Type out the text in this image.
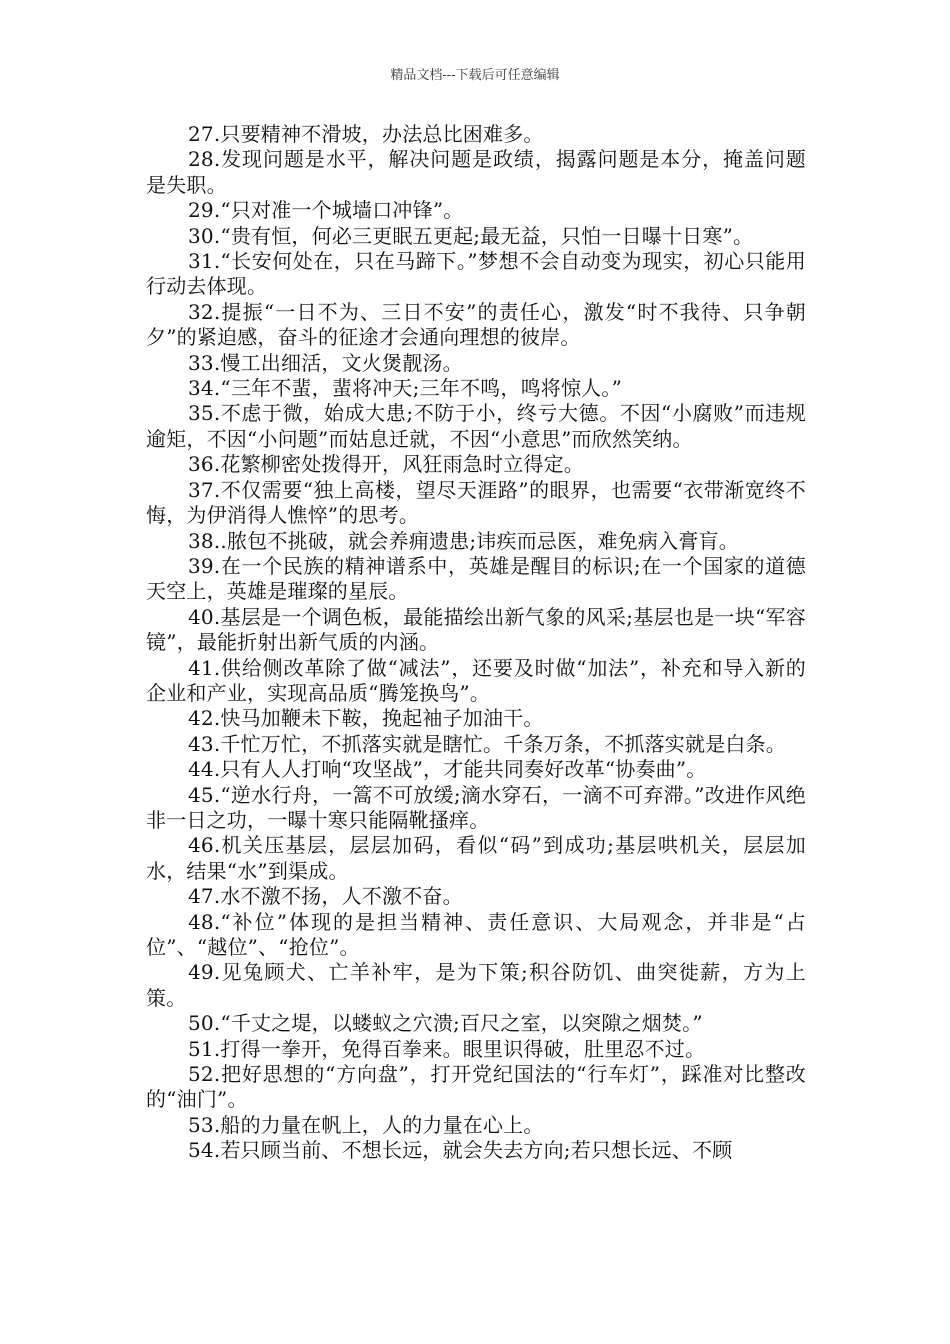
精品文档---下载后可任意编辑

27.只要精神不滑坡，办法总比困难多。

28.发现问题是水平，解决问题是政绩，揭露问题是本分，掩盖问题是失职。

29.“只对准一个城墙口冲锋”。

30.“贵有恒，何必三更眠五更起;最无益，只怕一日曝十日寒”。

31.“长安何处在，只在马蹄下。”梦想不会自动变为现实，初心只能用行动去体现。

32.提振“一日不为、三日不安”的责任心，激发“时不我待、只争朝夕”的紧迫感，奋斗的征途才会通向理想的彼岸。

33.慢工出细活，文火煲靓汤。

34.“三年不蜚，蜚将冲天;三年不鸣，鸣将惊人。”

35.不虑于微，始成大患;不防于小，终亏大德。不因“小腐败”而违规逾矩，不因“小问题”而姑息迁就，不因“小意思”而欣然笑纳。

36.花繁柳密处拨得开，风狂雨急时立得定。

37.不仅需要“独上高楼，望尽天涯路”的眼界，也需要“衣带渐宽终不悔，为伊消得人憔悴”的思考。

38..脓包不挑破，就会养痈遗患;讳疾而忌医，难免病入膏肓。

39.在一个民族的精神谱系中，英雄是醒目的标识;在一个国家的道德天空上，英雄是璀璨的星辰。

40.基层是一个调色板，最能描绘出新气象的风采;基层也是一块“军容镜”，最能折射出新气质的内涵。

41.供给侧改革除了做“减法”，还要及时做“加法”，补充和导入新的企业和产业，实现高品质“腾笼换鸟”。

42.快马加鞭未下鞍，挽起袖子加油干。

43.千忙万忙，不抓落实就是瞎忙。千条万条，不抓落实就是白条。

44.只有人人打响“攻坚战”，才能共同奏好改革“协奏曲”。

45.“逆水行舟，一篙不可放缓;滴水穿石，一滴不可弃滞。”改进作风绝非一日之功，一曝十寒只能隔靴搔痒。

46.机关压基层，层层加码，看似“码”到成功;基层哄机关，层层加水，结果“水”到渠成。

47.水不激不扬，人不激不奋。

48.“补位”体现的是担当精神、责任意识、大局观念，并非是“占位”、“越位”、“抢位”。

49.见兔顾犬、亡羊补牢，是为下策;积谷防饥、曲突徙薪，方为上策。

50.“千丈之堤，以蝼蚁之穴溃;百尺之室，以突隙之烟焚。”

51.打得一拳开，免得百拳来。眼里识得破，肚里忍不过。

52.把好思想的“方向盘”，打开党纪国法的“行车灯”，踩准对比整改的“油门”。

53.船的力量在帆上，人的力量在心上。

54.若只顾当前、不想长远，就会失去方向;若只想长远、不顾
